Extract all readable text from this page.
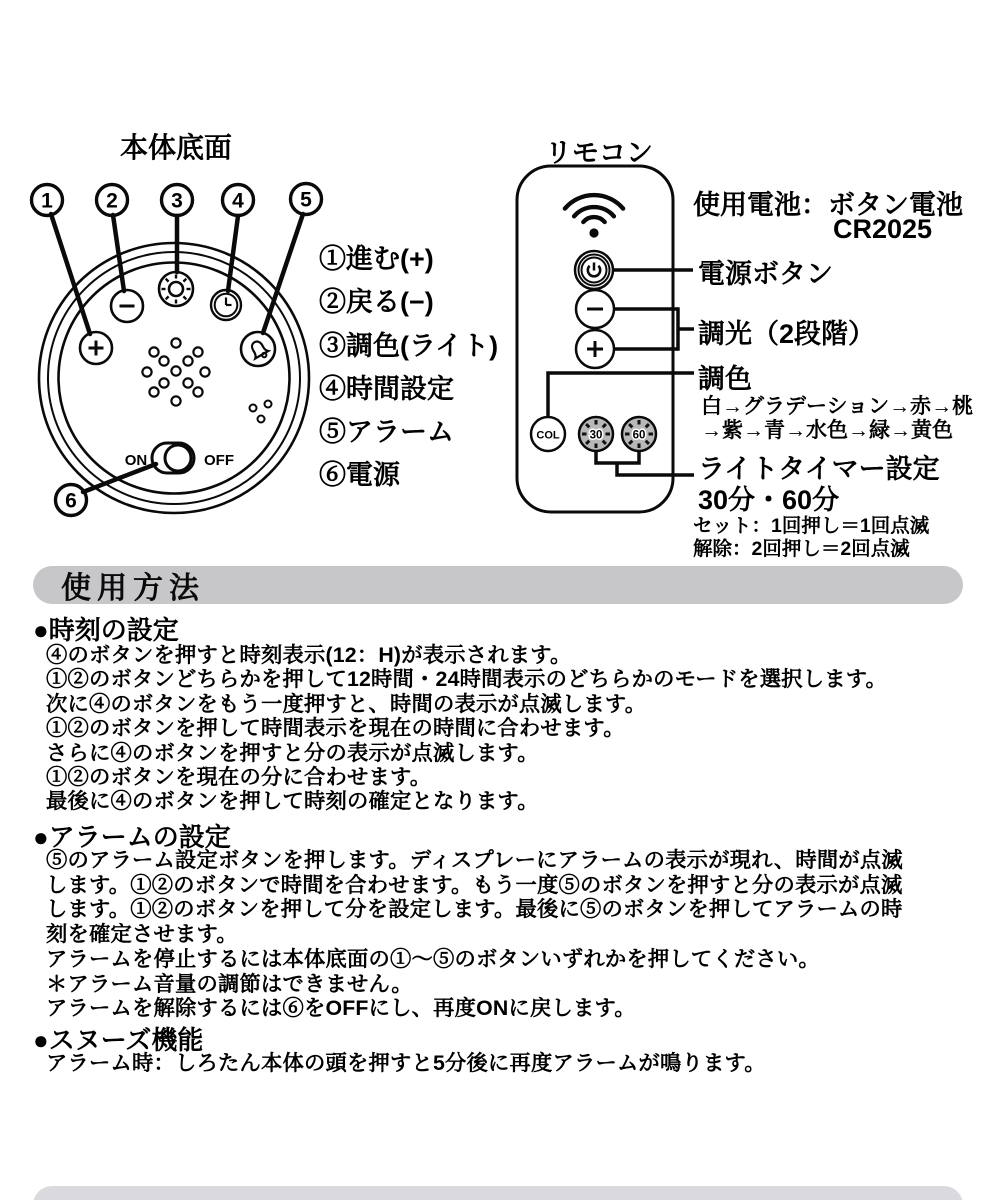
1	2	3 4	5
6
ON	OFF
COL	30	60
本体底面	リモコン
①進む(+)
②戻る(−)
③調色(ライト)
④時間設定
⑤アラーム
⑥電源
使用電池：ボタン電池
CR2025
電源ボタン
調光（2段階）
調色
白→グラデーション→赤→桃
→紫→青→水色→緑→黄色
ライトタイマー設定
30分・60分
セット：1回押し＝1回点滅
解除：2回押し＝2回点滅
使用方法
●時刻の設定
④のボタンを押すと時刻表示(12：H)が表示されます。
①②のボタンどちらかを押して12時間・24時間表示のどちらかのモードを選択します。
次に④のボタンをもう一度押すと、時間の表示が点滅します。
①②のボタンを押して時間表示を現在の時間に合わせます。
さらに④のボタンを押すと分の表示が点滅します。
①②のボタンを現在の分に合わせます。
最後に④のボタンを押して時刻の確定となります。
●アラームの設定
⑤のアラーム設定ボタンを押します。ディスプレーにアラームの表示が現れ、時間が点滅
します。①②のボタンで時間を合わせます。もう一度⑤のボタンを押すと分の表示が点滅
します。①②のボタンを押して分を設定します。最後に⑤のボタンを押してアラームの時
刻を確定させます。
アラームを停止するには本体底面の①～⑤のボタンいずれかを押してください。
＊アラーム音量の調節はできません。
アラームを解除するには⑥をOFFにし、再度ONに戻します。
●スヌーズ機能
アラーム時：しろたん本体の頭を押すと5分後に再度アラームが鳴ります。
